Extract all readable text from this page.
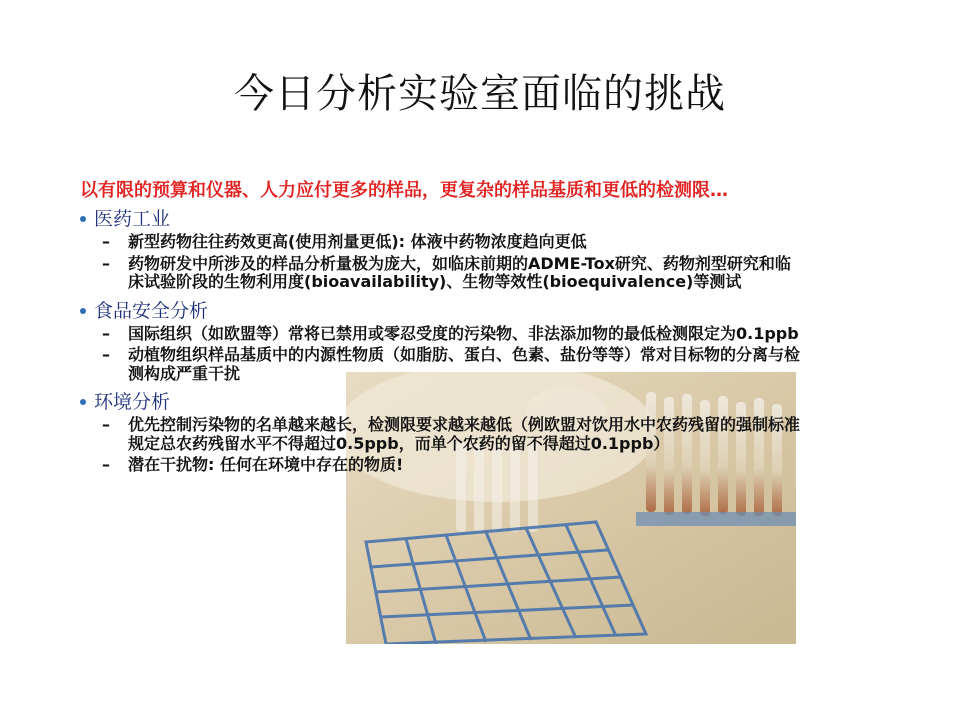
今日分析实验室面临的挑战
以有限的预算和仪器、人力应付更多的样品，更复杂的样品基质和更低的检测限…
医药工业
–	新型药物往往药效更高(使用剂量更低): 体液中药物浓度趋向更低
–	药物研发中所涉及的样品分析量极为庞大，如临床前期的ADME-Tox研究、药物剂型研究和临床试验阶段的生物利用度(bioavailability)、生物等效性(bioequivalence)等测试
食品安全分析
–	国际组织（如欧盟等）常将已禁用或零忍受度的污染物、非法添加物的最低检测限定为0.1ppb
–	动植物组织样品基质中的内源性物质（如脂肪、蛋白、色素、盐份等等）常对目标物的分离与检测构成严重干扰
环境分析
–	优先控制污染物的名单越来越长，检测限要求越来越低（例欧盟对饮用水中农药残留的强制标准规定总农药残留水平不得超过0.5ppb，而单个农药的留不得超过0.1ppb）
–	潜在干扰物: 任何在环境中存在的物质!
